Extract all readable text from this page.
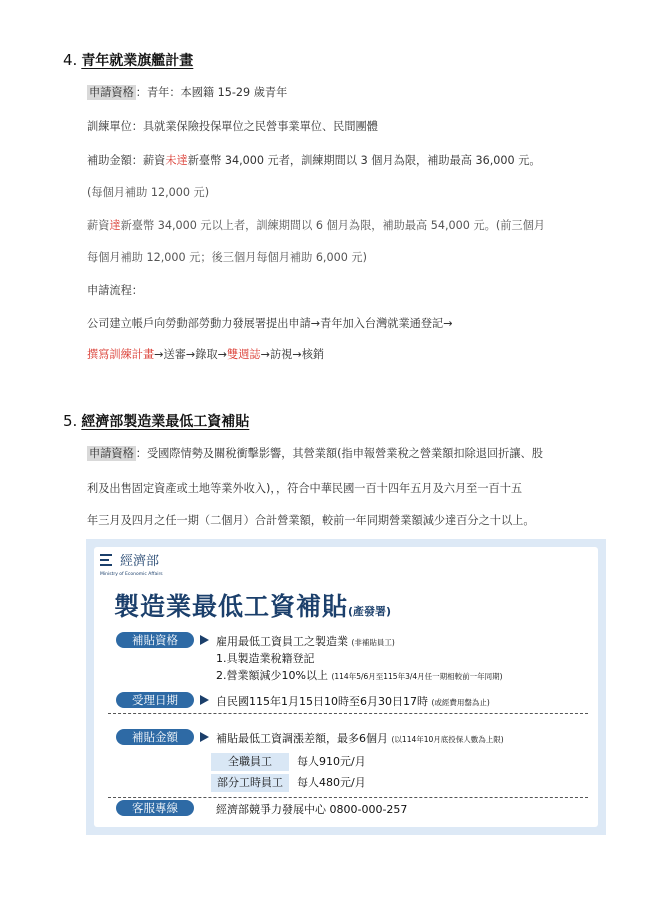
4. 青年就業旗艦計畫
申請資格 ：青年：本國籍 15-29 歲青年
訓練單位：具就業保險投保單位之民營事業單位、民間團體
補助金額：薪資未達新臺幣 34,000 元者，訓練期間以 3 個月為限，補助最高 36,000 元。
(每個月補助 12,000 元)
薪資達新臺幣 34,000 元以上者，訓練期間以 6 個月為限，補助最高 54,000 元。(前三個月
每個月補助 12,000 元；後三個月每個月補助 6,000 元)
申請流程：
公司建立帳戶向勞動部勞動力發展署提出申請→青年加入台灣就業通登記→
撰寫訓練計畫→送審→錄取→雙週誌→訪視→核銷
5. 經濟部製造業最低工資補貼
申請資格 ：受國際情勢及關稅衝擊影響，其營業額(指申報營業稅之營業額扣除退回折讓、股
利及出售固定資產或土地等業外收入)，，符合中華民國一百十四年五月及六月至一百十五
年三月及四月之任一期（二個月）合計營業額，較前一年同期營業額減少達百分之十以上。
經濟部
Ministry of Economic Affairs
製造業最低工資補貼(產發署)
補貼資格	雇用最低工資員工之製造業 (非補貼員工)
1.具製造業稅籍登記
2.營業額減少10%以上 (114年5/6月至115年3/4月任一期相較前一年同期)
受理日期	自民國115年1月15日10時至6月30日17時 (或經費用罄為止)
補貼金額	補貼最低工資調漲差額，最多6個月 (以114年10月底投保人數為上限)
全職員工	每人910元/月
部分工時員工	每人480元/月
客服專線	經濟部競爭力發展中心 0800-000-257
